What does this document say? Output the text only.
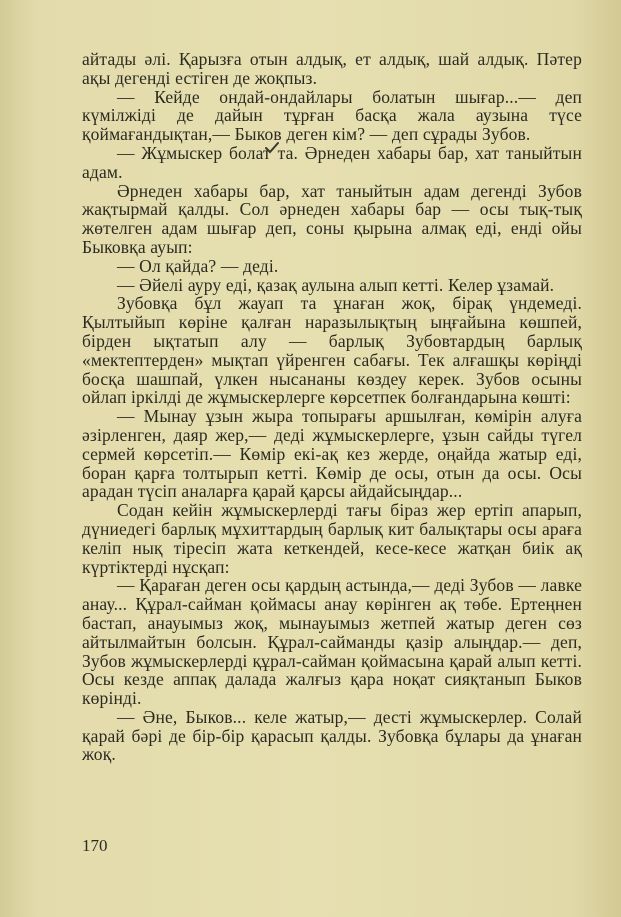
айтады әлі. Қарызға отын алдық, ет алдық, шай алдық. Пәтер ақы дегенді естіген де жоқпыз.

— Кейде ондай-ондайлары болатын шығар...— деп күмілжіді де дайын тұрған басқа жала аузына түсе қоймағандықтан,— Быков деген кім? — деп сұрады Зубов.

— Жұмыскер болат та. Әрнеден хабары бар, хат таныйтын адам.

Әрнеден хабары бар, хат таныйтын адам дегенді Зубов жақтырмай қалды. Сол әрнеден хабары бар — осы тық-тық жөтелген адам шығар деп, соны қырына алмақ еді, енді ойы Быковқа ауып:

— Ол қайда? — деді.

— Әйелі ауру еді, қазақ аулына алып кетті. Келер ұзамай.

Зубовқа бұл жауап та ұнаған жоқ, бірақ үндемеді. Қылтыйып көріне қалған наразылықтың ыңғайына көшпей, бірден ықтатып алу — барлық Зубовтардың барлық «мектептерден» мықтап үйренген сабағы. Тек алғашқы көріңді босқа шашпай, үлкен нысананы көздеу керек. Зубов осыны ойлап іркілді де жұмыскерлерге көрсетпек болғандарына көшті:

— Мынау ұзын жыра топырағы аршылған, көмірін алуға әзірленген, даяр жер,— деді жұмыскерлерге, ұзын сайды түгел сермей көрсетіп.— Көмір екі-ақ кез жерде, оңайда жатыр еді, боран қарға толтырып кетті. Көмір де осы, отын да осы. Осы арадан түсіп аналарға қарай қарсы айдайсыңдар...

Содан кейін жұмыскерлерді тағы біраз жер ертіп апарып, дүниедегі барлық мұхиттардың барлық кит балықтары осы араға келіп нық тіресіп жата кеткендей, кесе-кесе жатқан биік ақ күртіктерді нұсқап:

— Қараған деген осы қардың астында,— деді Зубов — лавке анау... Құрал-сайман қоймасы анау көрінген ақ төбе. Ертеңнен бастап, анауымыз жоқ, мынауымыз жетпей жатыр деген сөз айтылмайтын болсын. Құрал-сайманды қазір алыңдар.— деп, Зубов жұмыскерлерді құрал-сайман қоймасына қарай алып кетті. Осы кезде аппақ далада жалғыз қара ноқат сияқтанып Быков көрінді.

— Әне, Быков... келе жатыр,— десті жұмыскерлер. Солай қарай бәрі де бір-бір қарасып қалды. Зубовқа бұлары да ұнаған жоқ.

170
